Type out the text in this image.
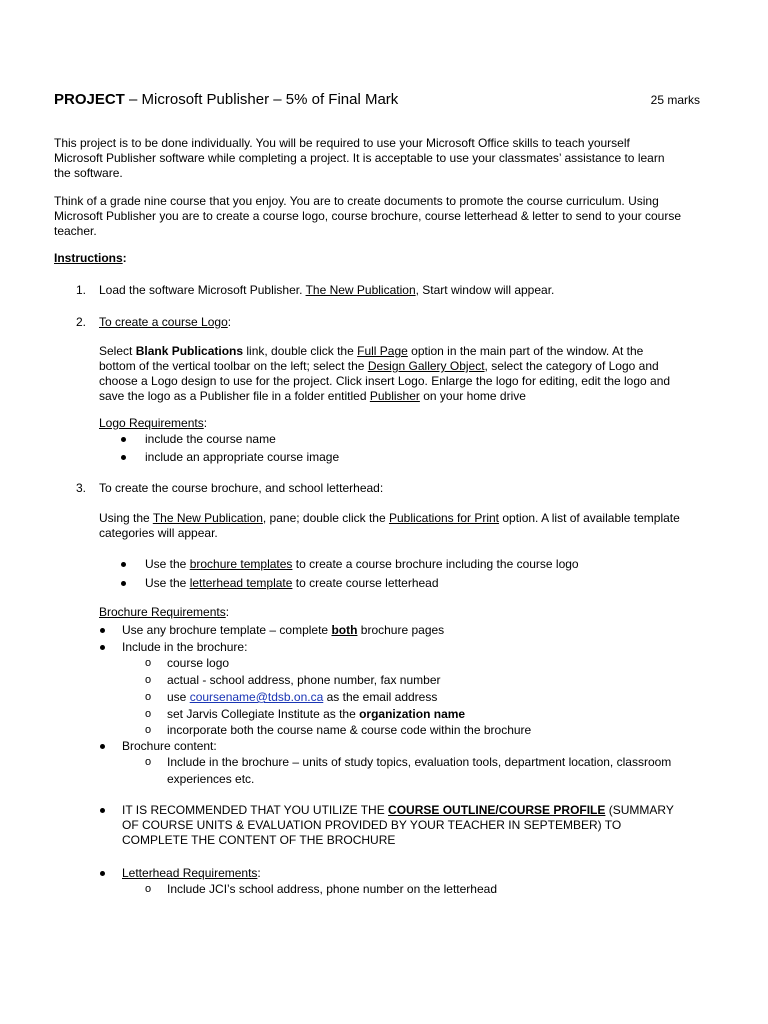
PROJECT – Microsoft Publisher – 5% of Final Mark	25 marks

This project is to be done individually. You will be required to use your Microsoft Office skills to teach yourself

Microsoft Publisher software while completing a project. It is acceptable to use your classmates’ assistance to learn

the software.

Think of a grade nine course that you enjoy. You are to create documents to promote the course curriculum. Using

Microsoft Publisher you are to create a course logo, course brochure, course letterhead & letter to send to your course

teacher.

Instructions:
1. Load the software Microsoft Publisher. The New Publication, Start window will appear.
2. To create a course Logo:

Select Blank Publications link, double click the Full Page option in the main part of the window. At the

bottom of the vertical toolbar on the left; select the Design Gallery Object, select the category of Logo and

choose a Logo design to use for the project. Click insert Logo. Enlarge the logo for editing, edit the logo and

save the logo as a Publisher file in a folder entitled Publisher on your home drive

Logo Requirements:
include the course name
include an appropriate course image
3. To create the course brochure, and school letterhead:

Using the The New Publication, pane; double click the Publications for Print option. A list of available template

categories will appear.

Use the brochure templates to create a course brochure including the course logo
Use the letterhead template to create course letterhead
Brochure Requirements:
Use any brochure template – complete both brochure pages
Include in the brochure:
o course logo
o actual - school address, phone number, fax number
o use coursename@tdsb.on.ca as the email address
o set Jarvis Collegiate Institute as the organization name
o incorporate both the course name & course code within the brochure
Brochure content:
o Include in the brochure – units of study topics, evaluation tools, department location, classroom

experiences etc.

IT IS RECOMMENDED THAT YOU UTILIZE THE COURSE OUTLINE/COURSE PROFILE (SUMMARY

OF COURSE UNITS & EVALUATION PROVIDED BY YOUR TEACHER IN SEPTEMBER) TO

COMPLETE THE CONTENT OF THE BROCHURE

Letterhead Requirements:
o Include JCI’s school address, phone number on the letterhead
